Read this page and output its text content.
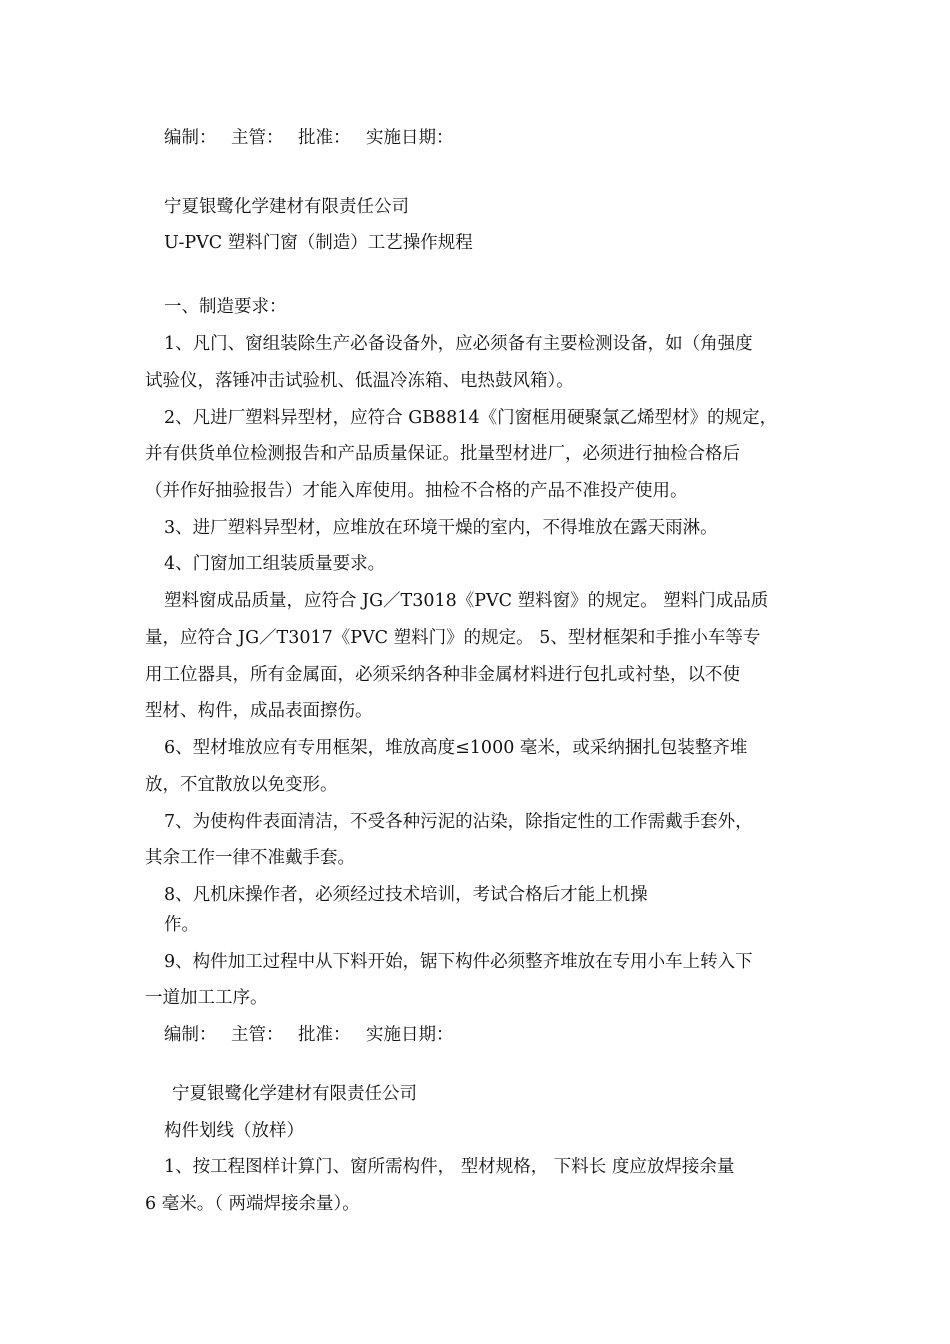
编制： 主管： 批准： 实施日期：
宁夏银鹭化学建材有限责任公司
U-PVC 塑料门窗（制造）工艺操作规程
一、制造要求：
1、凡门、窗组装除生产必备设备外，应必须备有主要检测设备，如（角强度
试验仪，落锤冲击试验机、低温冷冻箱、电热鼓风箱）。
2、凡进厂塑料异型材，应符合 GB8814《门窗框用硬聚氯乙烯型材》的规定，
并有供货单位检测报告和产品质量保证。批量型材进厂，必须进行抽检合格后
（并作好抽验报告）才能入库使用。抽检不合格的产品不准投产使用。
3、进厂塑料异型材，应堆放在环境干燥的室内，不得堆放在露天雨淋。
4、门窗加工组装质量要求。
塑料窗成品质量，应符合 JG／T3018《PVC 塑料窗》的规定。 塑料门成品质
量，应符合 JG／T3017《PVC 塑料门》的规定。 5、型材框架和手推小车等专
用工位器具，所有金属面，必须采纳各种非金属材料进行包扎或衬垫，以不使
型材、构件，成品表面擦伤。
6、型材堆放应有专用框架，堆放高度≤1000 毫米，或采纳捆扎包装整齐堆
放，不宜散放以免变形。
7、为使构件表面清洁，不受各种污泥的沾染，除指定性的工作需戴手套外，
其余工作一律不准戴手套。
8、凡机床操作者，必须经过技术培训，考试合格后才能上机操
作。
9、构件加工过程中从下料开始，锯下构件必须整齐堆放在专用小车上转入下
一道加工工序。
编制： 主管： 批准： 实施日期：
宁夏银鹭化学建材有限责任公司
构件划线（放样）
1、按工程图样计算门、窗所需构件， 型材规格， 下料长 度应放焊接余量
6 毫米。（ 两端焊接余量）。
